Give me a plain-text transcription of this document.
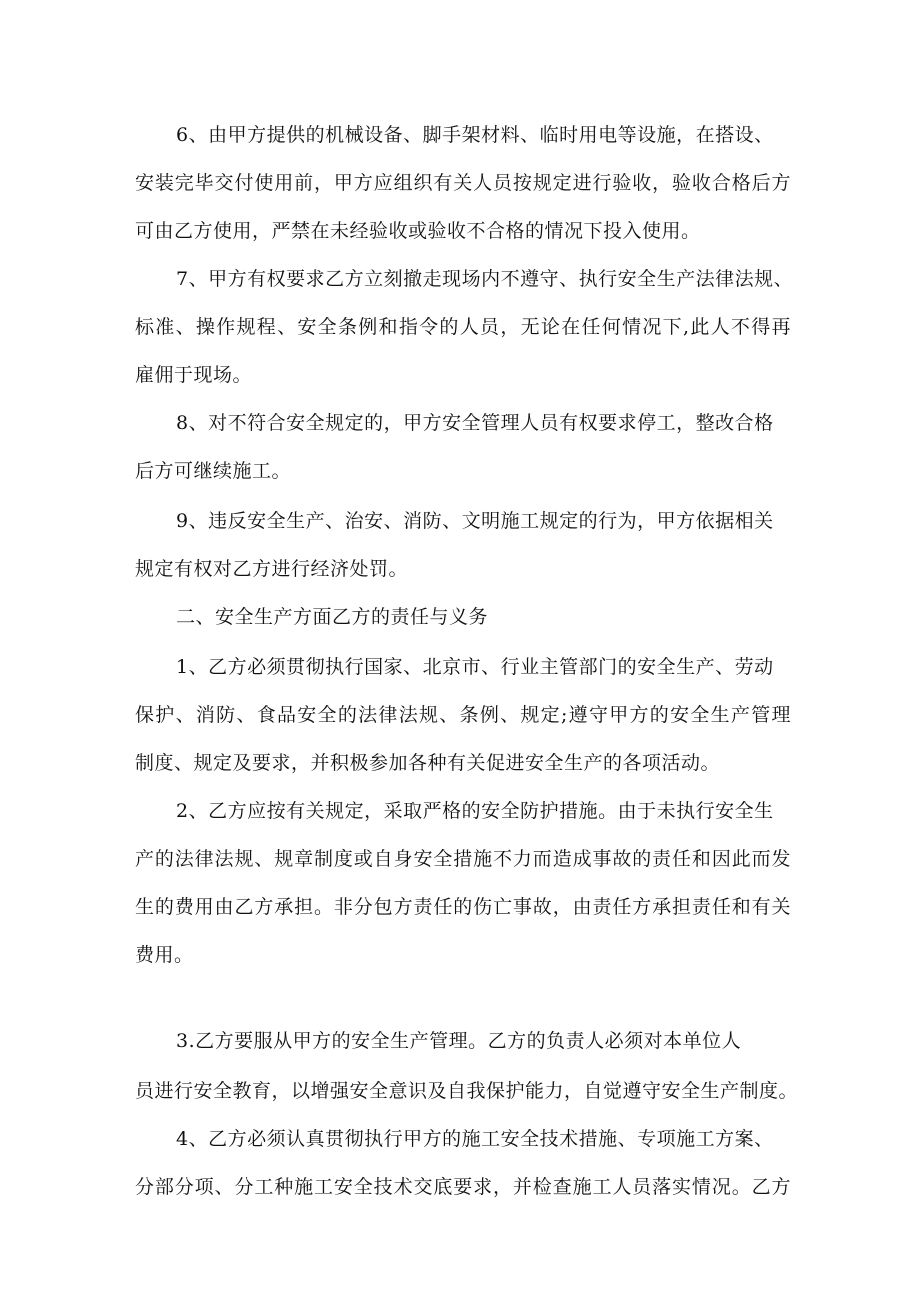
6、由甲方提供的机械设备、脚手架材料、临时用电等设施，在搭设、
安装完毕交付使用前，甲方应组织有关人员按规定进行验收，验收合格后方
可由乙方使用，严禁在未经验收或验收不合格的情况下投入使用。
7、甲方有权要求乙方立刻撤走现场内不遵守、执行安全生产法律法规、
标准、操作规程、安全条例和指令的人员，无论在任何情况下,此人不得再
雇佣于现场。
8、对不符合安全规定的，甲方安全管理人员有权要求停工，整改合格
后方可继续施工。
9、违反安全生产、治安、消防、文明施工规定的行为，甲方依据相关
规定有权对乙方进行经济处罚。
二、安全生产方面乙方的责任与义务
1、乙方必须贯彻执行国家、北京市、行业主管部门的安全生产、劳动
保护、消防、食品安全的法律法规、条例、规定;遵守甲方的安全生产管理
制度、规定及要求，并积极参加各种有关促进安全生产的各项活动。
2、乙方应按有关规定，采取严格的安全防护措施。由于未执行安全生
产的法律法规、规章制度或自身安全措施不力而造成事故的责任和因此而发
生的费用由乙方承担。非分包方责任的伤亡事故，由责任方承担责任和有关
费用。
3.乙方要服从甲方的安全生产管理。乙方的负责人必须对本单位人
员进行安全教育，以增强安全意识及自我保护能力，自觉遵守安全生产制度。
4、乙方必须认真贯彻执行甲方的施工安全技术措施、专项施工方案、
分部分项、分工种施工安全技术交底要求，并检查施工人员落实情况。乙方
